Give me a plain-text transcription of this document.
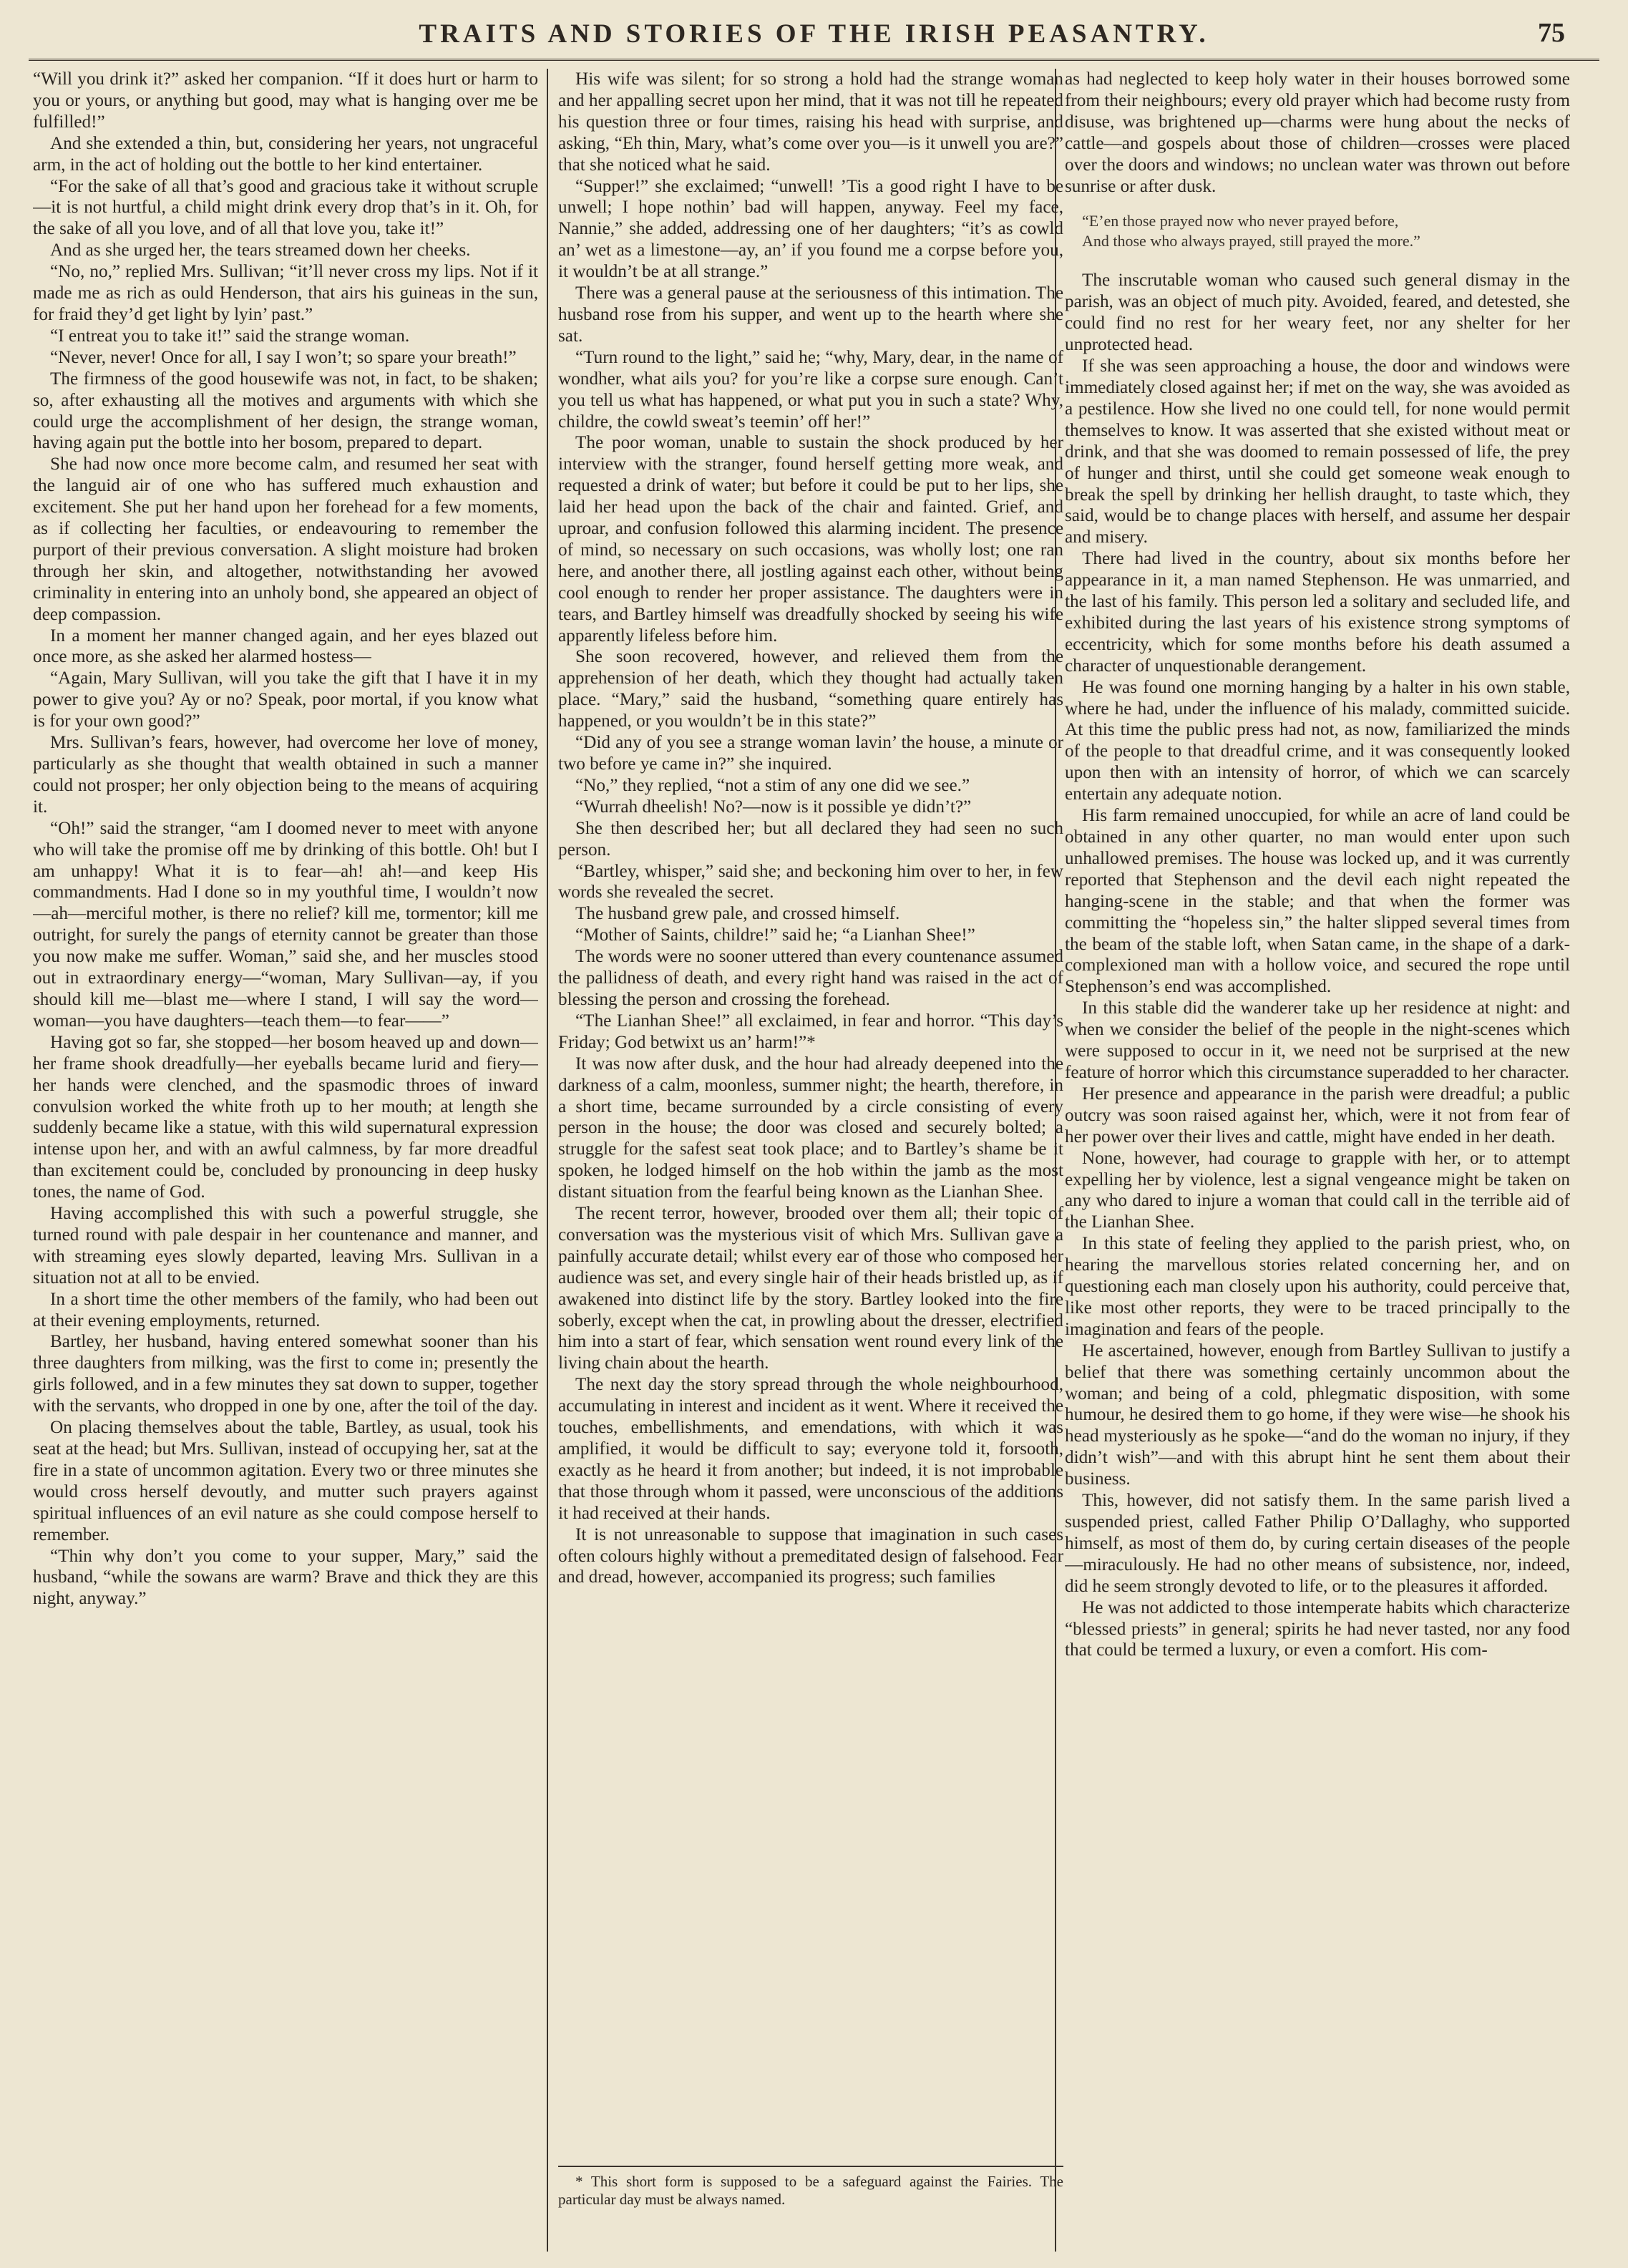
TRAITS AND STORIES OF THE IRISH PEASANTRY.	75

“Will you drink it?” asked her companion. “If it does hurt or harm to you or yours, or anything but good, may what is hanging over me be fulfilled!”

And she extended a thin, but, considering her years, not ungraceful arm, in the act of holding out the bottle to her kind entertainer.

“For the sake of all that’s good and gracious take it without scruple—it is not hurtful, a child might drink every drop that’s in it. Oh, for the sake of all you love, and of all that love you, take it!”

And as she urged her, the tears streamed down her cheeks.

“No, no,” replied Mrs. Sullivan; “it’ll never cross my lips. Not if it made me as rich as ould Henderson, that airs his guineas in the sun, for fraid they’d get light by lyin’ past.”

“I entreat you to take it!” said the strange woman.

“Never, never! Once for all, I say I won’t; so spare your breath!”

The firmness of the good housewife was not, in fact, to be shaken; so, after exhausting all the motives and arguments with which she could urge the accomplishment of her design, the strange woman, having again put the bottle into her bosom, prepared to depart.

She had now once more become calm, and resumed her seat with the languid air of one who has suffered much exhaustion and excitement. She put her hand upon her forehead for a few moments, as if collecting her faculties, or endeavouring to remember the purport of their previous conversation. A slight moisture had broken through her skin, and altogether, notwithstanding her avowed criminality in entering into an unholy bond, she appeared an object of deep compassion.

In a moment her manner changed again, and her eyes blazed out once more, as she asked her alarmed hostess—

“Again, Mary Sullivan, will you take the gift that I have it in my power to give you? Ay or no? Speak, poor mortal, if you know what is for your own good?”

Mrs. Sullivan’s fears, however, had overcome her love of money, particularly as she thought that wealth obtained in such a manner could not prosper; her only objection being to the means of acquiring it.

“Oh!” said the stranger, “am I doomed never to meet with anyone who will take the promise off me by drinking of this bottle. Oh! but I am unhappy! What it is to fear—ah! ah!—and keep His commandments. Had I done so in my youthful time, I wouldn’t now—ah—merciful mother, is there no relief? kill me, tormentor; kill me outright, for surely the pangs of eternity cannot be greater than those you now make me suffer. Woman,” said she, and her muscles stood out in extraordinary energy—“woman, Mary Sullivan—ay, if you should kill me—blast me—where I stand, I will say the word—woman—you have daughters—teach them—to fear——”

Having got so far, she stopped—her bosom heaved up and down—her frame shook dreadfully—her eyeballs became lurid and fiery—her hands were clenched, and the spasmodic throes of inward convulsion worked the white froth up to her mouth; at length she suddenly became like a statue, with this wild supernatural expression intense upon her, and with an awful calmness, by far more dreadful than excitement could be, concluded by pronouncing in deep husky tones, the name of God.

Having accomplished this with such a powerful struggle, she turned round with pale despair in her countenance and manner, and with streaming eyes slowly departed, leaving Mrs. Sullivan in a situation not at all to be envied.

In a short time the other members of the family, who had been out at their evening employments, returned.

Bartley, her husband, having entered somewhat sooner than his three daughters from milking, was the first to come in; presently the girls followed, and in a few minutes they sat down to supper, together with the servants, who dropped in one by one, after the toil of the day.

On placing themselves about the table, Bartley, as usual, took his seat at the head; but Mrs. Sullivan, instead of occupying her, sat at the fire in a state of uncommon agitation. Every two or three minutes she would cross herself devoutly, and mutter such prayers against spiritual influences of an evil nature as she could compose herself to remember.

“Thin why don’t you come to your supper, Mary,” said the husband, “while the sowans are warm? Brave and thick they are this night, anyway.”

His wife was silent; for so strong a hold had the strange woman and her appalling secret upon her mind, that it was not till he repeated his question three or four times, raising his head with surprise, and asking, “Eh thin, Mary, what’s come over you—is it unwell you are?” that she noticed what he said.

“Supper!” she exclaimed; “unwell! ’Tis a good right I have to be unwell; I hope nothin’ bad will happen, anyway. Feel my face, Nannie,” she added, addressing one of her daughters; “it’s as cowld an’ wet as a limestone—ay, an’ if you found me a corpse before you, it wouldn’t be at all strange.”

There was a general pause at the seriousness of this intimation. The husband rose from his supper, and went up to the hearth where she sat.

“Turn round to the light,” said he; “why, Mary, dear, in the name of wondher, what ails you? for you’re like a corpse sure enough. Can’t you tell us what has happened, or what put you in such a state? Why, childre, the cowld sweat’s teemin’ off her!”

The poor woman, unable to sustain the shock produced by her interview with the stranger, found herself getting more weak, and requested a drink of water; but before it could be put to her lips, she laid her head upon the back of the chair and fainted. Grief, and uproar, and confusion followed this alarming incident. The presence of mind, so necessary on such occasions, was wholly lost; one ran here, and another there, all jostling against each other, without being cool enough to render her proper assistance. The daughters were in tears, and Bartley himself was dreadfully shocked by seeing his wife apparently lifeless before him.

She soon recovered, however, and relieved them from the apprehension of her death, which they thought had actually taken place. “Mary,” said the husband, “something quare entirely has happened, or you wouldn’t be in this state?”

“Did any of you see a strange woman lavin’ the house, a minute or two before ye came in?” she inquired.

“No,” they replied, “not a stim of any one did we see.”

“Wurrah dheelish! No?—now is it possible ye didn’t?”

She then described her; but all declared they had seen no such person.

“Bartley, whisper,” said she; and beckoning him over to her, in few words she revealed the secret.

The husband grew pale, and crossed himself.

“Mother of Saints, childre!” said he; “a Lianhan Shee!”

The words were no sooner uttered than every countenance assumed the pallidness of death, and every right hand was raised in the act of blessing the person and crossing the forehead.

“The Lianhan Shee!” all exclaimed, in fear and horror. “This day’s Friday; God betwixt us an’ harm!”*

It was now after dusk, and the hour had already deepened into the darkness of a calm, moonless, summer night; the hearth, therefore, in a short time, became surrounded by a circle consisting of every person in the house; the door was closed and securely bolted; a struggle for the safest seat took place; and to Bartley’s shame be it spoken, he lodged himself on the hob within the jamb as the most distant situation from the fearful being known as the Lianhan Shee.

The recent terror, however, brooded over them all; their topic of conversation was the mysterious visit of which Mrs. Sullivan gave a painfully accurate detail; whilst every ear of those who composed her audience was set, and every single hair of their heads bristled up, as if awakened into distinct life by the story. Bartley looked into the fire soberly, except when the cat, in prowling about the dresser, electrified him into a start of fear, which sensation went round every link of the living chain about the hearth.

The next day the story spread through the whole neighbourhood, accumulating in interest and incident as it went. Where it received the touches, embellishments, and emendations, with which it was amplified, it would be difficult to say; everyone told it, forsooth, exactly as he heard it from another; but indeed, it is not improbable that those through whom it passed, were unconscious of the additions it had received at their hands.

It is not unreasonable to suppose that imagination in such cases often colours highly without a premeditated design of falsehood. Fear and dread, however, accompanied its progress; such families

as had neglected to keep holy water in their houses borrowed some from their neighbours; every old prayer which had become rusty from disuse, was brightened up—charms were hung about the necks of cattle—and gospels about those of children—crosses were placed over the doors and windows; no unclean water was thrown out before sunrise or after dusk.

“E’en those prayed now who never prayed before,
And those who always prayed, still prayed the more.”

The inscrutable woman who caused such general dismay in the parish, was an object of much pity. Avoided, feared, and detested, she could find no rest for her weary feet, nor any shelter for her unprotected head.

If she was seen approaching a house, the door and windows were immediately closed against her; if met on the way, she was avoided as a pestilence. How she lived no one could tell, for none would permit themselves to know. It was asserted that she existed without meat or drink, and that she was doomed to remain possessed of life, the prey of hunger and thirst, until she could get someone weak enough to break the spell by drinking her hellish draught, to taste which, they said, would be to change places with herself, and assume her despair and misery.

There had lived in the country, about six months before her appearance in it, a man named Stephenson. He was unmarried, and the last of his family. This person led a solitary and secluded life, and exhibited during the last years of his existence strong symptoms of eccentricity, which for some months before his death assumed a character of unquestionable derangement.

He was found one morning hanging by a halter in his own stable, where he had, under the influence of his malady, committed suicide. At this time the public press had not, as now, familiarized the minds of the people to that dreadful crime, and it was consequently looked upon then with an intensity of horror, of which we can scarcely entertain any adequate notion.

His farm remained unoccupied, for while an acre of land could be obtained in any other quarter, no man would enter upon such unhallowed premises. The house was locked up, and it was currently reported that Stephenson and the devil each night repeated the hanging-scene in the stable; and that when the former was committing the “hopeless sin,” the halter slipped several times from the beam of the stable loft, when Satan came, in the shape of a dark-complexioned man with a hollow voice, and secured the rope until Stephenson’s end was accomplished.

In this stable did the wanderer take up her residence at night: and when we consider the belief of the people in the night-scenes which were supposed to occur in it, we need not be surprised at the new feature of horror which this circumstance superadded to her character.

Her presence and appearance in the parish were dreadful; a public outcry was soon raised against her, which, were it not from fear of her power over their lives and cattle, might have ended in her death.

None, however, had courage to grapple with her, or to attempt expelling her by violence, lest a signal vengeance might be taken on any who dared to injure a woman that could call in the terrible aid of the Lianhan Shee.

In this state of feeling they applied to the parish priest, who, on hearing the marvellous stories related concerning her, and on questioning each man closely upon his authority, could perceive that, like most other reports, they were to be traced principally to the imagination and fears of the people.

He ascertained, however, enough from Bartley Sullivan to justify a belief that there was something certainly uncommon about the woman; and being of a cold, phlegmatic disposition, with some humour, he desired them to go home, if they were wise—he shook his head mysteriously as he spoke—“and do the woman no injury, if they didn’t wish”—and with this abrupt hint he sent them about their business.

This, however, did not satisfy them. In the same parish lived a suspended priest, called Father Philip O’Dallaghy, who supported himself, as most of them do, by curing certain diseases of the people—miraculously. He had no other means of subsistence, nor, indeed, did he seem strongly devoted to life, or to the pleasures it afforded.

He was not addicted to those intemperate habits which characterize “blessed priests” in general; spirits he had never tasted, nor any food that could be termed a luxury, or even a comfort. His com-

* This short form is supposed to be a safeguard against the Fairies. The particular day must be always named.
